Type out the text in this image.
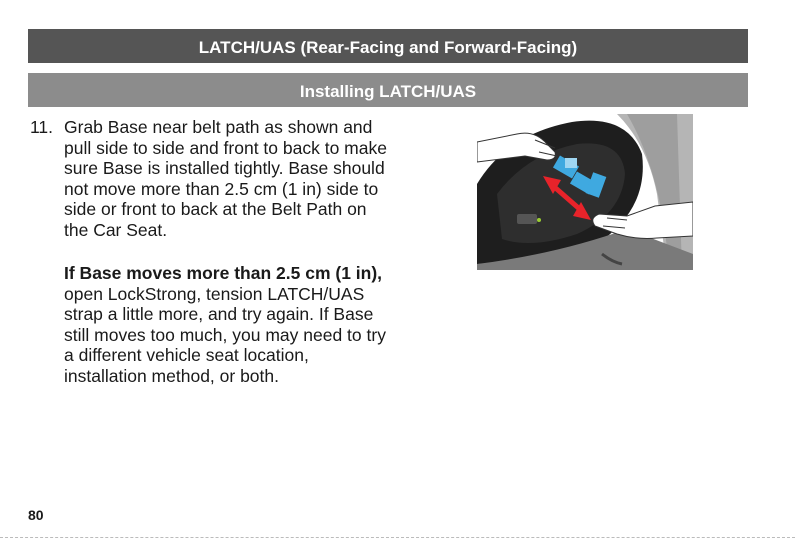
LATCH/UAS (Rear-Facing and Forward-Facing)
Installing LATCH/UAS
11. Grab Base near belt path as shown and pull side to side and front to back to make sure Base is installed tightly. Base should not move more than 2.5 cm (1 in) side to side or front to back at the Belt Path on the Car Seat.
If Base moves more than 2.5 cm (1 in), open LockStrong, tension LATCH/UAS strap a little more, and try again. If Base still moves too much, you may need to try a different vehicle seat location, installation method, or both.
80
